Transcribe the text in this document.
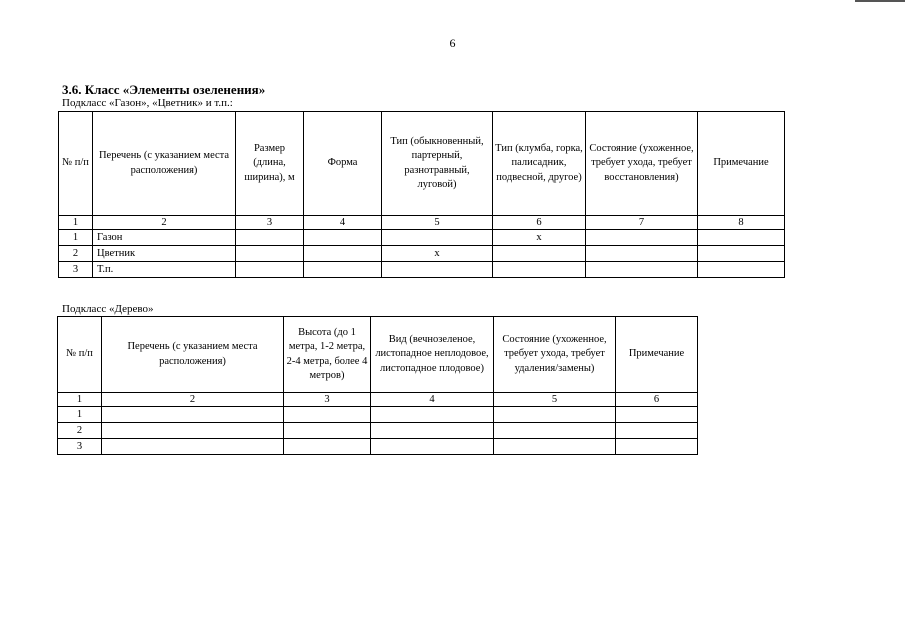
6
3.6. Класс «Элементы озеленения»
Подкласс «Газон», «Цветник» и т.п.:
№ п/п	Перечень (с указанием места расположения)	Размер (длина, ширина), м	Форма	Тип (обыкновенный, партерный, разнотравный, луговой)	Тип (клумба, горка, палисадник, подвесной, другое)	Состояние (ухоженное, требует ухода, требует восстановления)	Примечание
1	2	3	4	5	6	7	8
1	Газон				х		
2	Цветник			х			
3	Т.п.						
Подкласс «Дерево»
№ п/п	Перечень (с указанием места расположения)	Высота (до 1 метра, 1-2 метра, 2-4 метра, более 4 метров)	Вид (вечнозеленое, листопадное неплодовое, листопадное плодовое)	Состояние (ухоженное, требует ухода, требует удаления/замены)	Примечание
1	2	3	4	5	6
1					
2					
3					
